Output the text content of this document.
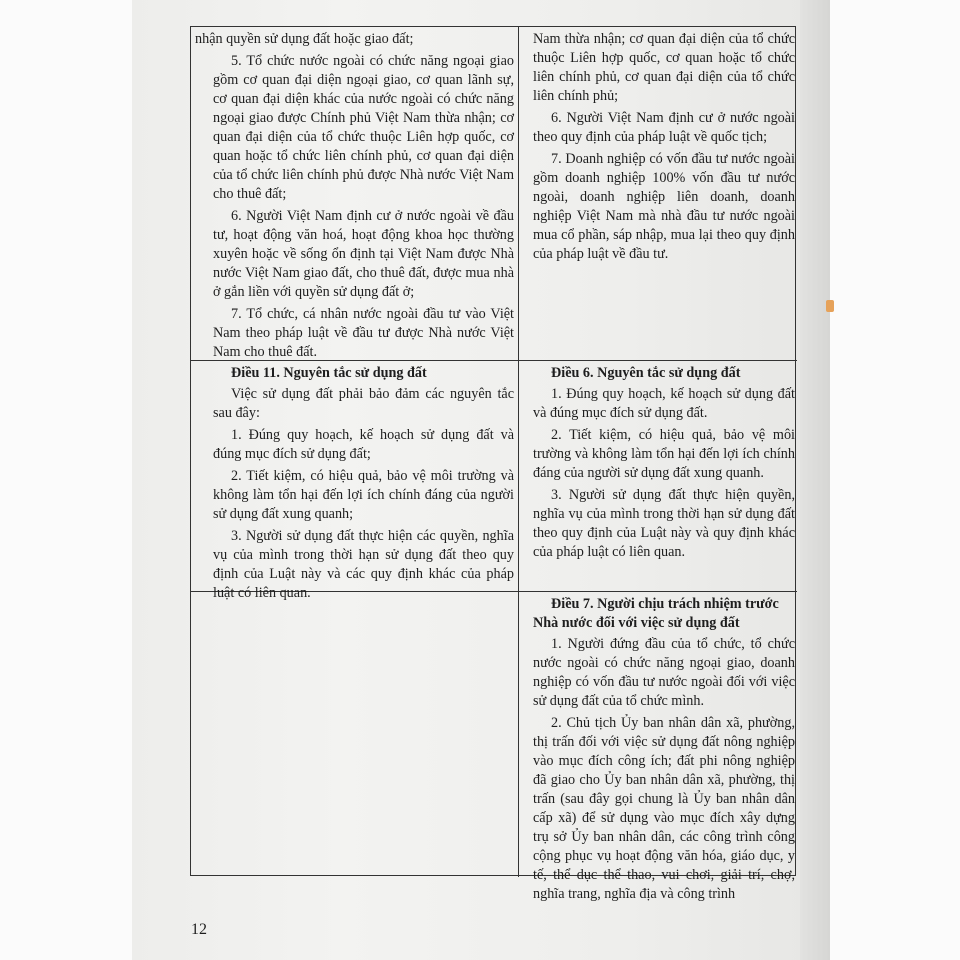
nhận quyền sử dụng đất hoặc giao đất;

5. Tổ chức nước ngoài có chức năng ngoại giao gồm cơ quan đại diện ngoại giao, cơ quan lãnh sự, cơ quan đại diện khác của nước ngoài có chức năng ngoại giao được Chính phủ Việt Nam thừa nhận; cơ quan đại diện của tổ chức thuộc Liên hợp quốc, cơ quan hoặc tổ chức liên chính phủ, cơ quan đại diện của tổ chức liên chính phủ được Nhà nước Việt Nam cho thuê đất;

6. Người Việt Nam định cư ở nước ngoài về đầu tư, hoạt động văn hoá, hoạt động khoa học thường xuyên hoặc về sống ổn định tại Việt Nam được Nhà nước Việt Nam giao đất, cho thuê đất, được mua nhà ở gắn liền với quyền sử dụng đất ở;

7. Tổ chức, cá nhân nước ngoài đầu tư vào Việt Nam theo pháp luật về đầu tư được Nhà nước Việt Nam cho thuê đất.

Nam thừa nhận; cơ quan đại diện của tổ chức thuộc Liên hợp quốc, cơ quan hoặc tổ chức liên chính phủ, cơ quan đại diện của tổ chức liên chính phủ;

6. Người Việt Nam định cư ở nước ngoài theo quy định của pháp luật về quốc tịch;

7. Doanh nghiệp có vốn đầu tư nước ngoài gồm doanh nghiệp 100% vốn đầu tư nước ngoài, doanh nghiệp liên doanh, doanh nghiệp Việt Nam mà nhà đầu tư nước ngoài mua cổ phần, sáp nhập, mua lại theo quy định của pháp luật về đầu tư.

Điều 11. Nguyên tắc sử dụng đất

Việc sử dụng đất phải bảo đảm các nguyên tắc sau đây:

1. Đúng quy hoạch, kế hoạch sử dụng đất và đúng mục đích sử dụng đất;

2. Tiết kiệm, có hiệu quả, bảo vệ môi trường và không làm tổn hại đến lợi ích chính đáng của người sử dụng đất xung quanh;

3. Người sử dụng đất thực hiện các quyền, nghĩa vụ của mình trong thời hạn sử dụng đất theo quy định của Luật này và các quy định khác của pháp luật có liên quan.

Điều 6. Nguyên tắc sử dụng đất

1. Đúng quy hoạch, kế hoạch sử dụng đất và đúng mục đích sử dụng đất.

2. Tiết kiệm, có hiệu quả, bảo vệ môi trường và không làm tổn hại đến lợi ích chính đáng của người sử dụng đất xung quanh.

3. Người sử dụng đất thực hiện quyền, nghĩa vụ của mình trong thời hạn sử dụng đất theo quy định của Luật này và quy định khác của pháp luật có liên quan.

Điều 7. Người chịu trách nhiệm trước Nhà nước đối với việc sử dụng đất

1. Người đứng đầu của tổ chức, tổ chức nước ngoài có chức năng ngoại giao, doanh nghiệp có vốn đầu tư nước ngoài đối với việc sử dụng đất của tổ chức mình.

2. Chủ tịch Ủy ban nhân dân xã, phường, thị trấn đối với việc sử dụng đất nông nghiệp vào mục đích công ích; đất phi nông nghiệp đã giao cho Ủy ban nhân dân xã, phường, thị trấn (sau đây gọi chung là Ủy ban nhân dân cấp xã) để sử dụng vào mục đích xây dựng trụ sở Ủy ban nhân dân, các công trình công cộng phục vụ hoạt động văn hóa, giáo dục, y tế, thể dục thể thao, vui chơi, giải trí, chợ, nghĩa trang, nghĩa địa và công trình

12
